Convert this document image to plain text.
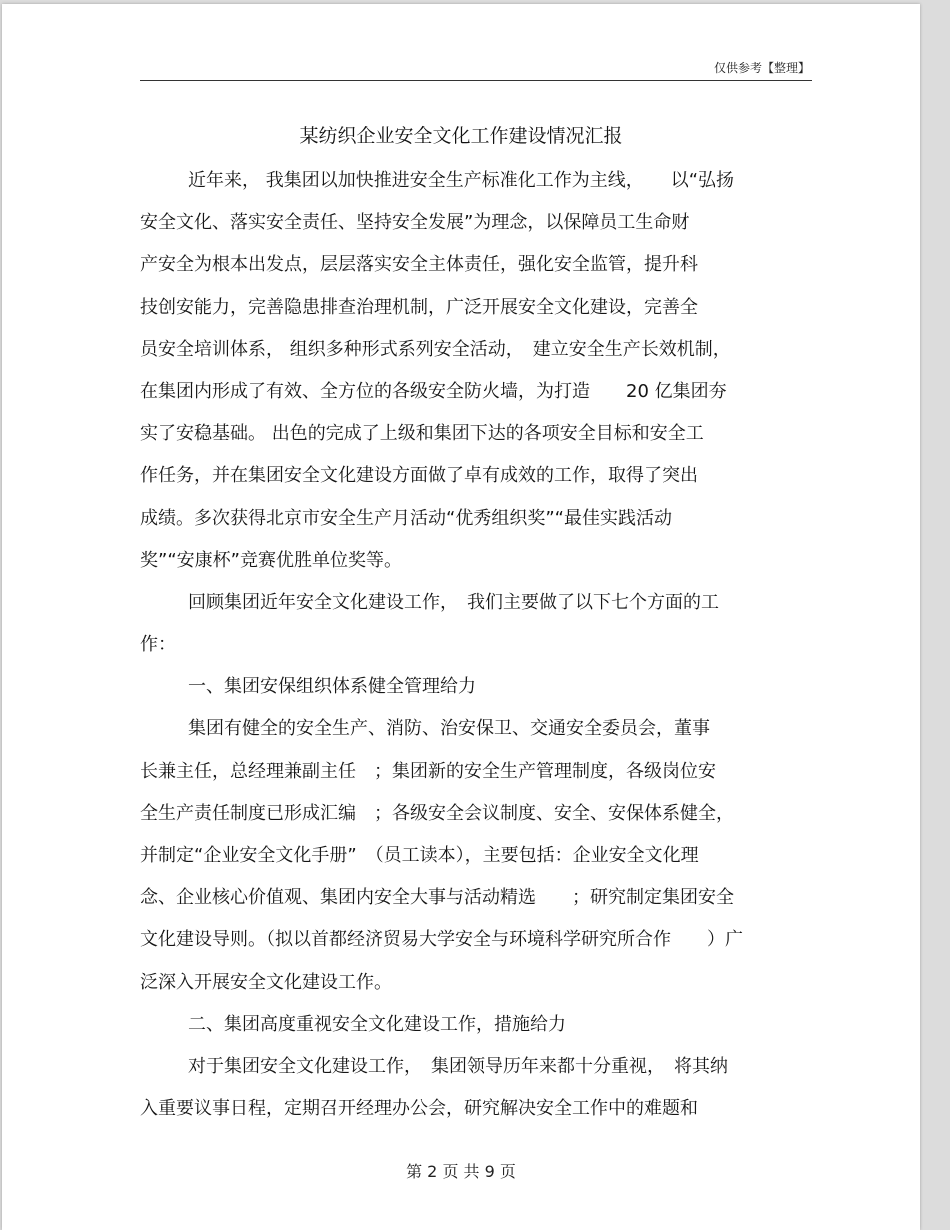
仅供参考【整理】
某纺织企业安全文化工作建设情况汇报
近年来， 我集团以加快推进安全生产标准化工作为主线，　　以“弘扬
安全文化、落实安全责任、坚持安全发展”为理念，以保障员工生命财
产安全为根本出发点，层层落实安全主体责任，强化安全监管，提升科
技创安能力，完善隐患排查治理机制，广泛开展安全文化建设，完善全
员安全培训体系， 组织多种形式系列安全活动，　建立安全生产长效机制，
在集团内形成了有效、全方位的各级安全防火墙，为打造　　20 亿集团夯
实了安稳基础。 出色的完成了上级和集团下达的各项安全目标和安全工
作任务，并在集团安全文化建设方面做了卓有成效的工作，取得了突出
成绩。多次获得北京市安全生产月活动“优秀组织奖”“最佳实践活动
奖”“安康杯”竞赛优胜单位奖等。
回顾集团近年安全文化建设工作，　我们主要做了以下七个方面的工
作：
一、集团安保组织体系健全管理给力
集团有健全的安全生产、消防、治安保卫、交通安全委员会，董事
长兼主任，总经理兼副主任　；集团新的安全生产管理制度，各级岗位安
全生产责任制度已形成汇编　；各级安全会议制度、安全、安保体系健全，
并制定“企业安全文化手册”　（员工读本），主要包括：企业安全文化理
念、企业核心价值观、集团内安全大事与活动精选　　；研究制定集团安全
文化建设导则。（拟以首都经济贸易大学安全与环境科学研究所合作　　）广
泛深入开展安全文化建设工作。
二、集团高度重视安全文化建设工作，措施给力
对于集团安全文化建设工作，　集团领导历年来都十分重视，　将其纳
入重要议事日程，定期召开经理办公会，研究解决安全工作中的难题和
第 2 页 共 9 页
